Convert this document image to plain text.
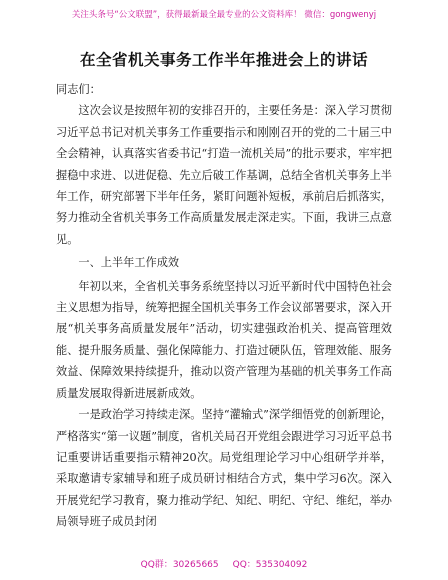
关注头条号“公文联盟”，获得最新最全最专业的公文资料库！ 微信：gongwenyj
在全省机关事务工作半年推进会上的讲话

同志们：

这次会议是按照年初的安排召开的，主要任务是：深入学习贯彻习近平总书记对机关事务工作重要指示和刚刚召开的党的二十届三中全会精神，认真落实省委书记“打造一流机关局”的批示要求，牢牢把握稳中求进、以进促稳、先立后破工作基调，总结全省机关事务上半年工作，研究部署下半年任务，紧盯问题补短板，承前启后抓落实，努力推动全省机关事务工作高质量发展走深走实。下面，我讲三点意见。

一、上半年工作成效

年初以来，全省机关事务系统坚持以习近平新时代中国特色社会主义思想为指导，统筹把握全国机关事务工作会议部署要求，深入开展“机关事务高质量发展年”活动，切实建强政治机关、提高管理效能、提升服务质量、强化保障能力、打造过硬队伍，管理效能、服务效益、保障效果持续提升，推动以资产管理为基础的机关事务工作高质量发展取得新进展新成效。

一是政治学习持续走深。坚持“灌输式”深学细悟党的创新理论，严格落实“第一议题”制度，省机关局召开党组会跟进学习习近平总书记重要讲话重要指示精神20次。局党组理论学习中心组研学并举，采取邀请专家辅导和班子成员研讨相结合方式，集中学习6次。深入开展党纪学习教育，聚力推动学纪、知纪、明纪、守纪、维纪，举办局领导班子成员封闭

QQ群：30265665 QQ：535304092
